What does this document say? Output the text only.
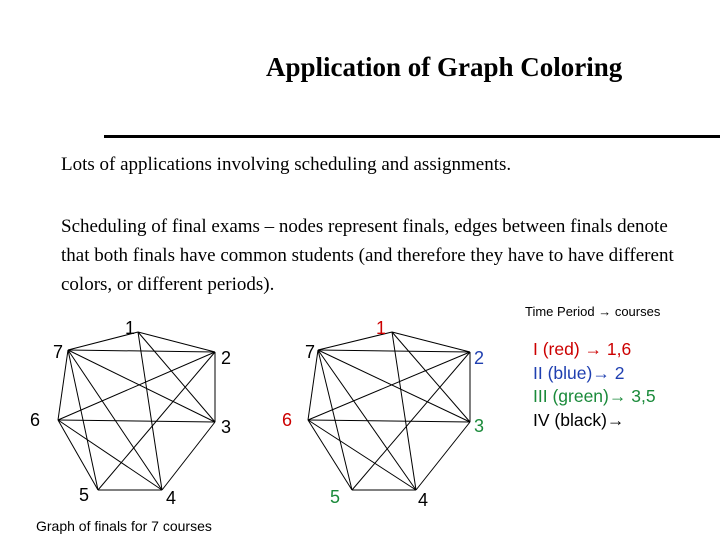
Application of Graph Coloring
Lots of applications involving scheduling and assignments.
Scheduling of final exams – nodes represent finals, edges between finals denote that both finals have common students (and therefore they have to have different colors, or different periods).
1
2
3
4
5
6
7
1
2
3
4
5
6
7
Time Period → courses
I (red) → 1,6
II (blue)→ 2
III (green)→ 3,5
IV (black)→
Graph of finals for 7 courses
